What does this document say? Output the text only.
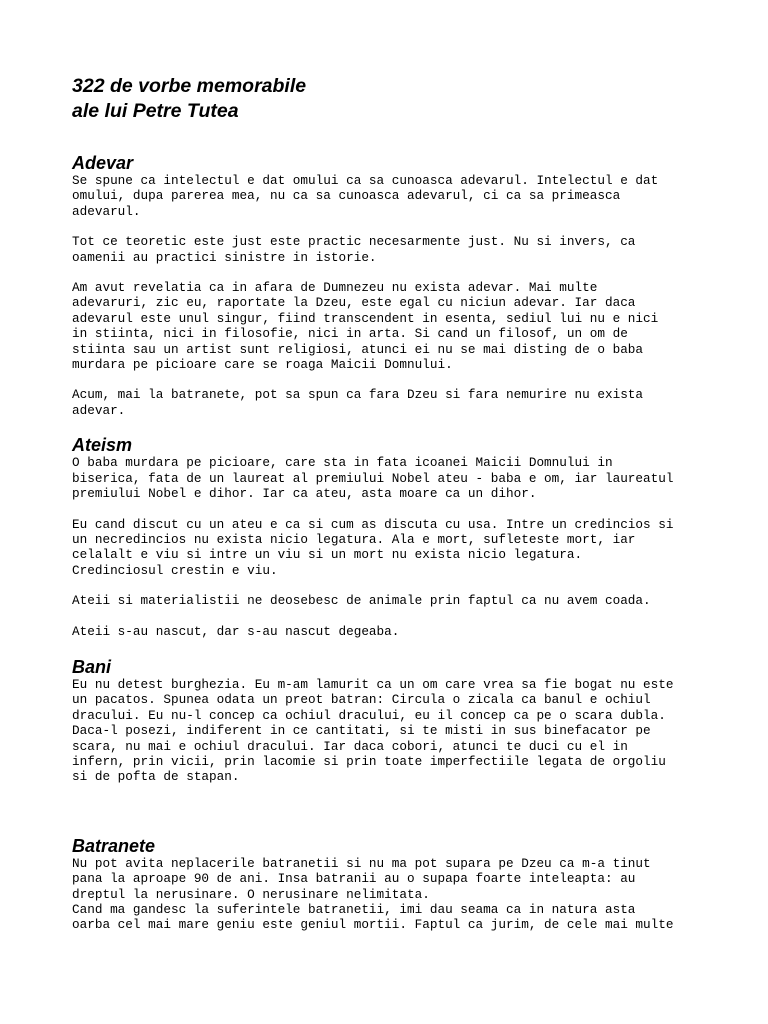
322 de vorbe memorabile
ale lui Petre Tutea
Adevar
Se spune ca intelectul e dat omului ca sa cunoasca adevarul. Intelectul e dat
omului, dupa parerea mea, nu ca sa cunoasca adevarul, ci ca sa primeasca
adevarul.
Tot ce teoretic este just este practic necesarmente just. Nu si invers, ca
oamenii au practici sinistre in istorie.
Am avut revelatia ca in afara de Dumnezeu nu exista adevar. Mai multe
adevaruri, zic eu, raportate la Dzeu, este egal cu niciun adevar. Iar daca
adevarul este unul singur, fiind transcendent in esenta, sediul lui nu e nici
in stiinta, nici in filosofie, nici in arta. Si cand un filosof, un om de
stiinta sau un artist sunt religiosi, atunci ei nu se mai disting de o baba
murdara pe picioare care se roaga Maicii Domnului.
Acum, mai la batranete, pot sa spun ca fara Dzeu si fara nemurire nu exista
adevar.
Ateism
O baba murdara pe picioare, care sta in fata icoanei Maicii Domnului in
biserica, fata de un laureat al premiului Nobel ateu - baba e om, iar laureatul
premiului Nobel e dihor. Iar ca ateu, asta moare ca un dihor.
Eu cand discut cu un ateu e ca si cum as discuta cu usa. Intre un credincios si
un necredincios nu exista nicio legatura. Ala e mort, sufleteste mort, iar
celalalt e viu si intre un viu si un mort nu exista nicio legatura.
Credinciosul crestin e viu.
Ateii si materialistii ne deosebesc de animale prin faptul ca nu avem coada.
Ateii s-au nascut, dar s-au nascut degeaba.
Bani
Eu nu detest burghezia. Eu m-am lamurit ca un om care vrea sa fie bogat nu este
un pacatos. Spunea odata un preot batran: Circula o zicala ca banul e ochiul
dracului. Eu nu-l concep ca ochiul dracului, eu il concep ca pe o scara dubla.
Daca-l posezi, indiferent in ce cantitati, si te misti in sus binefacator pe
scara, nu mai e ochiul dracului. Iar daca cobori, atunci te duci cu el in
infern, prin vicii, prin lacomie si prin toate imperfectiile legata de orgoliu
si de pofta de stapan.
Batranete
Nu pot avita neplacerile batranetii si nu ma pot supara pe Dzeu ca m-a tinut
pana la aproape 90 de ani. Insa batranii au o supapa foarte inteleapta: au
dreptul la nerusinare. O nerusinare nelimitata.
Cand ma gandesc la suferintele batranetii, imi dau seama ca in natura asta
oarba cel mai mare geniu este geniul mortii. Faptul ca jurim, de cele mai multe
